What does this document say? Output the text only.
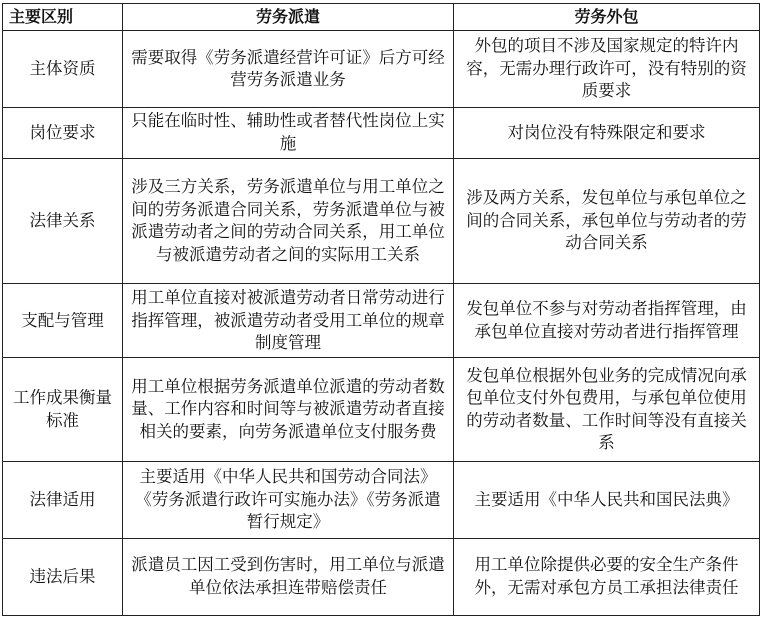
主要区别	劳务派遣	劳务外包
主体资质	需要取得《劳务派遣经营许可证》后方可经营劳务派遣业务	外包的项目不涉及国家规定的特许内容，无需办理行政许可，没有特别的资质要求
岗位要求	只能在临时性、辅助性或者替代性岗位上实施	对岗位没有特殊限定和要求
法律关系	涉及三方关系，劳务派遣单位与用工单位之间的劳务派遣合同关系，劳务派遣单位与被派遣劳动者之间的劳动合同关系，用工单位与被派遣劳动者之间的实际用工关系	涉及两方关系，发包单位与承包单位之间的合同关系，承包单位与劳动者的劳动合同关系
支配与管理	用工单位直接对被派遣劳动者日常劳动进行指挥管理，被派遣劳动者受用工单位的规章制度管理	发包单位不参与对劳动者指挥管理，由承包单位直接对劳动者进行指挥管理
工作成果衡量标准	用工单位根据劳务派遣单位派遣的劳动者数量、工作内容和时间等与被派遣劳动者直接相关的要素，向劳务派遣单位支付服务费	发包单位根据外包业务的完成情况向承包单位支付外包费用，与承包单位使用的劳动者数量、工作时间等没有直接关系
法律适用	主要适用《中华人民共和国劳动合同法》《劳务派遣行政许可实施办法》《劳务派遣暂行规定》	主要适用《中华人民共和国民法典》
违法后果	派遣员工因工受到伤害时，用工单位与派遣单位依法承担连带赔偿责任	用工单位除提供必要的安全生产条件外，无需对承包方员工承担法律责任
